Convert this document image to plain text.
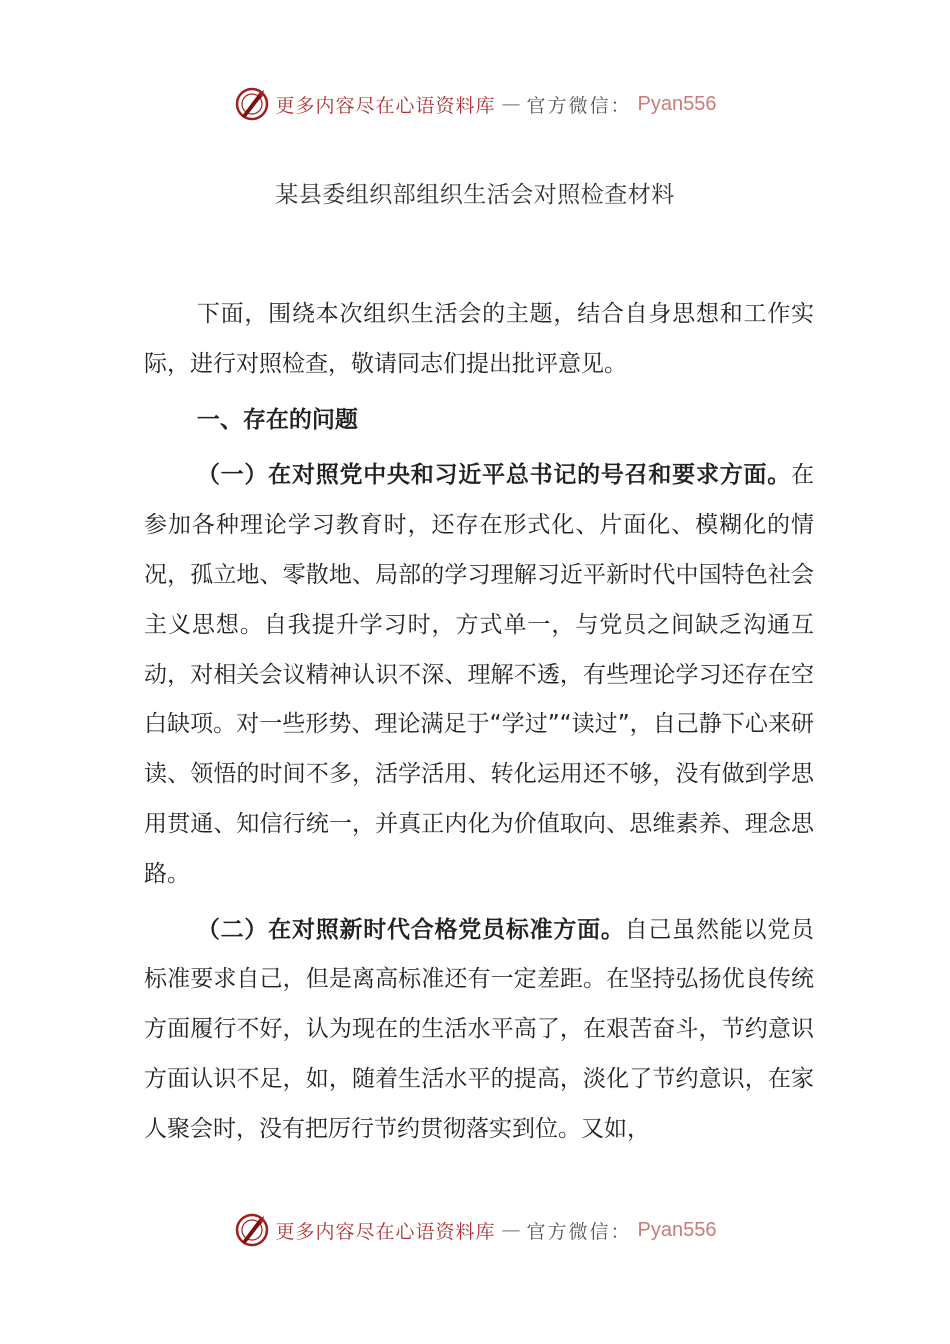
更多内容尽在心语资料库 — 官方微信： Pyan556
某县委组织部组织生活会对照检查材料

下面，围绕本次组织生活会的主题，结合自身思想和工作实际，进行对照检查，敬请同志们提出批评意见。

一、存在的问题

（一）在对照党中央和习近平总书记的号召和要求方面。在参加各种理论学习教育时，还存在形式化、片面化、模糊化的情况，孤立地、零散地、局部的学习理解习近平新时代中国特色社会主义思想。自我提升学习时，方式单一，与党员之间缺乏沟通互动，对相关会议精神认识不深、理解不透，有些理论学习还存在空白缺项。对一些形势、理论满足于“学过”“读过”，自己静下心来研读、领悟的时间不多，活学活用、转化运用还不够，没有做到学思用贯通、知信行统一，并真正内化为价值取向、思维素养、理念思路。

（二）在对照新时代合格党员标准方面。自己虽然能以党员标准要求自己，但是离高标准还有一定差距。在坚持弘扬优良传统方面履行不好，认为现在的生活水平高了，在艰苦奋斗，节约意识方面认识不足，如，随着生活水平的提高，淡化了节约意识，在家人聚会时，没有把厉行节约贯彻落实到位。又如，

更多内容尽在心语资料库 — 官方微信： Pyan556
